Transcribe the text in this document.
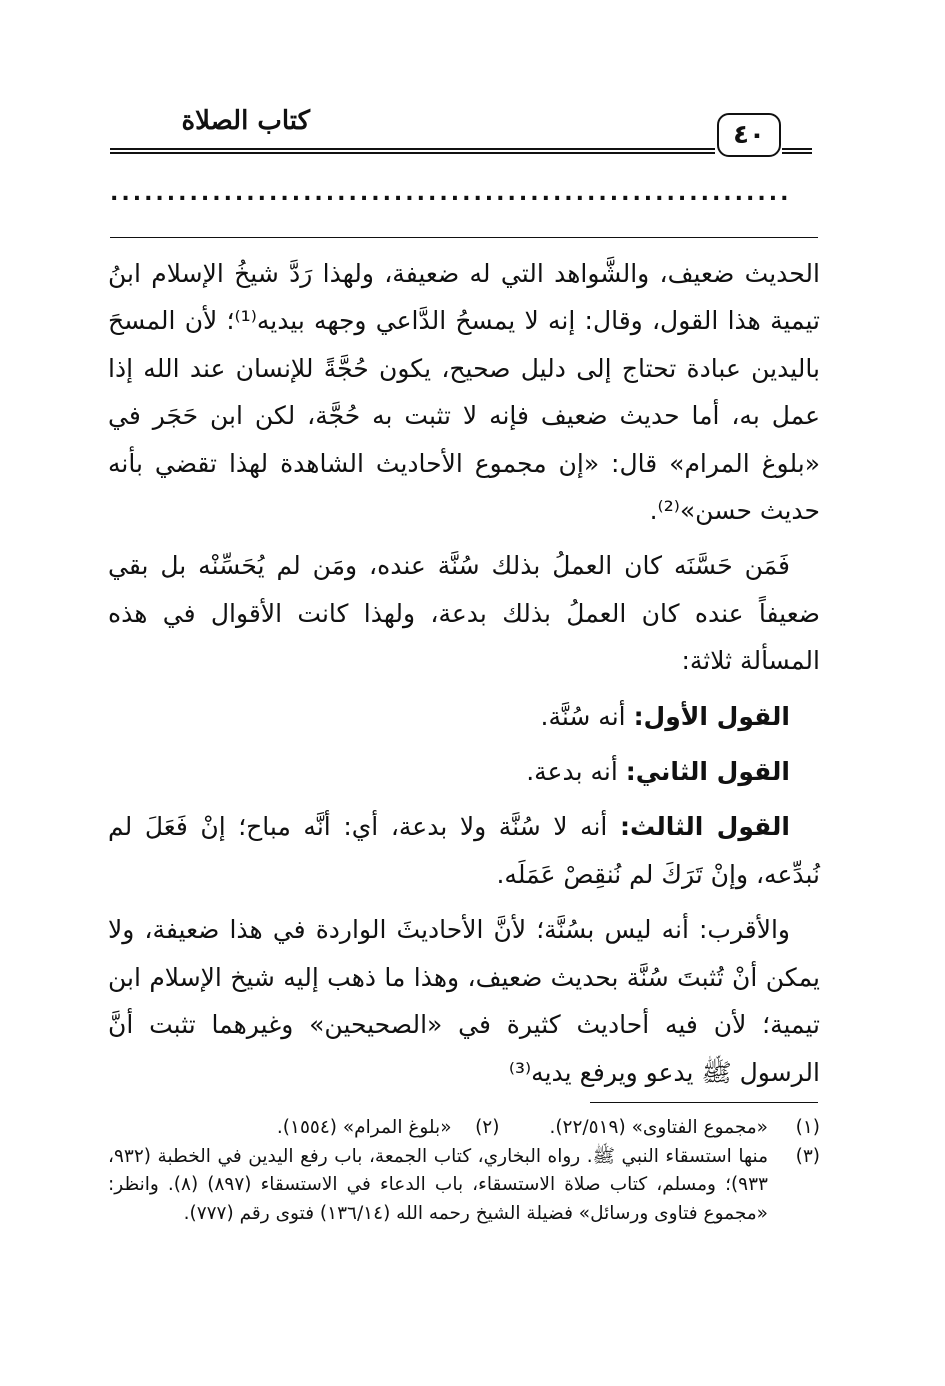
٤٠
كتاب الصلاة
............................................................

الحديث ضعيف، والشَّواهد التي له ضعيفة، ولهذا رَدَّ شيخُ الإسلام ابنُ تيمية هذا القول، وقال: إنه لا يمسحُ الدَّاعي وجهه بيديه⁽¹⁾؛ لأن المسحَ باليدين عبادة تحتاج إلى دليل صحيح، يكون حُجَّةً للإنسان عند الله إذا عمل به، أما حديث ضعيف فإنه لا تثبت به حُجَّة، لكن ابن حَجَر في «بلوغ المرام» قال: «إن مجموع الأحاديث الشاهدة لهذا تقضي بأنه حديث حسن»⁽²⁾.

فَمَن حَسَّنَه كان العملُ بذلك سُنَّة عنده، ومَن لم يُحَسِّنْه بل بقي ضعيفاً عنده كان العملُ بذلك بدعة، ولهذا كانت الأقوال في هذه المسألة ثلاثة:

القول الأول: أنه سُنَّة.

القول الثاني: أنه بدعة.

القول الثالث: أنه لا سُنَّة ولا بدعة، أي: أنَّه مباح؛ إنْ فَعَلَ لم نُبدِّعه، وإنْ تَرَكَ لم نُنقِصْ عَمَلَه.

والأقرب: أنه ليس بسُنَّة؛ لأنَّ الأحاديثَ الواردة في هذا ضعيفة، ولا يمكن أنْ تُثبتَ سُنَّة بحديث ضعيف، وهذا ما ذهب إليه شيخ الإسلام ابن تيمية؛ لأن فيه أحاديث كثيرة في «الصحيحين» وغيرهما تثبت أنَّ الرسول ﷺ يدعو ويرفع يديه⁽³⁾

(١)
«مجموع الفتاوى» (٢٢/٥١٩).(٢)    «بلوغ المرام» (١٥٥٤).
(٣)
منها استسقاء النبي ﷺ. رواه البخاري، كتاب الجمعة، باب رفع اليدين في الخطبة (٩٣٢، ٩٣٣)؛ ومسلم، كتاب صلاة الاستسقاء، باب الدعاء في الاستسقاء (٨٩٧) (٨). وانظر: «مجموع فتاوى ورسائل» فضيلة الشيخ رحمه الله (١٣٦/١٤) فتوى رقم (٧٧٧).
